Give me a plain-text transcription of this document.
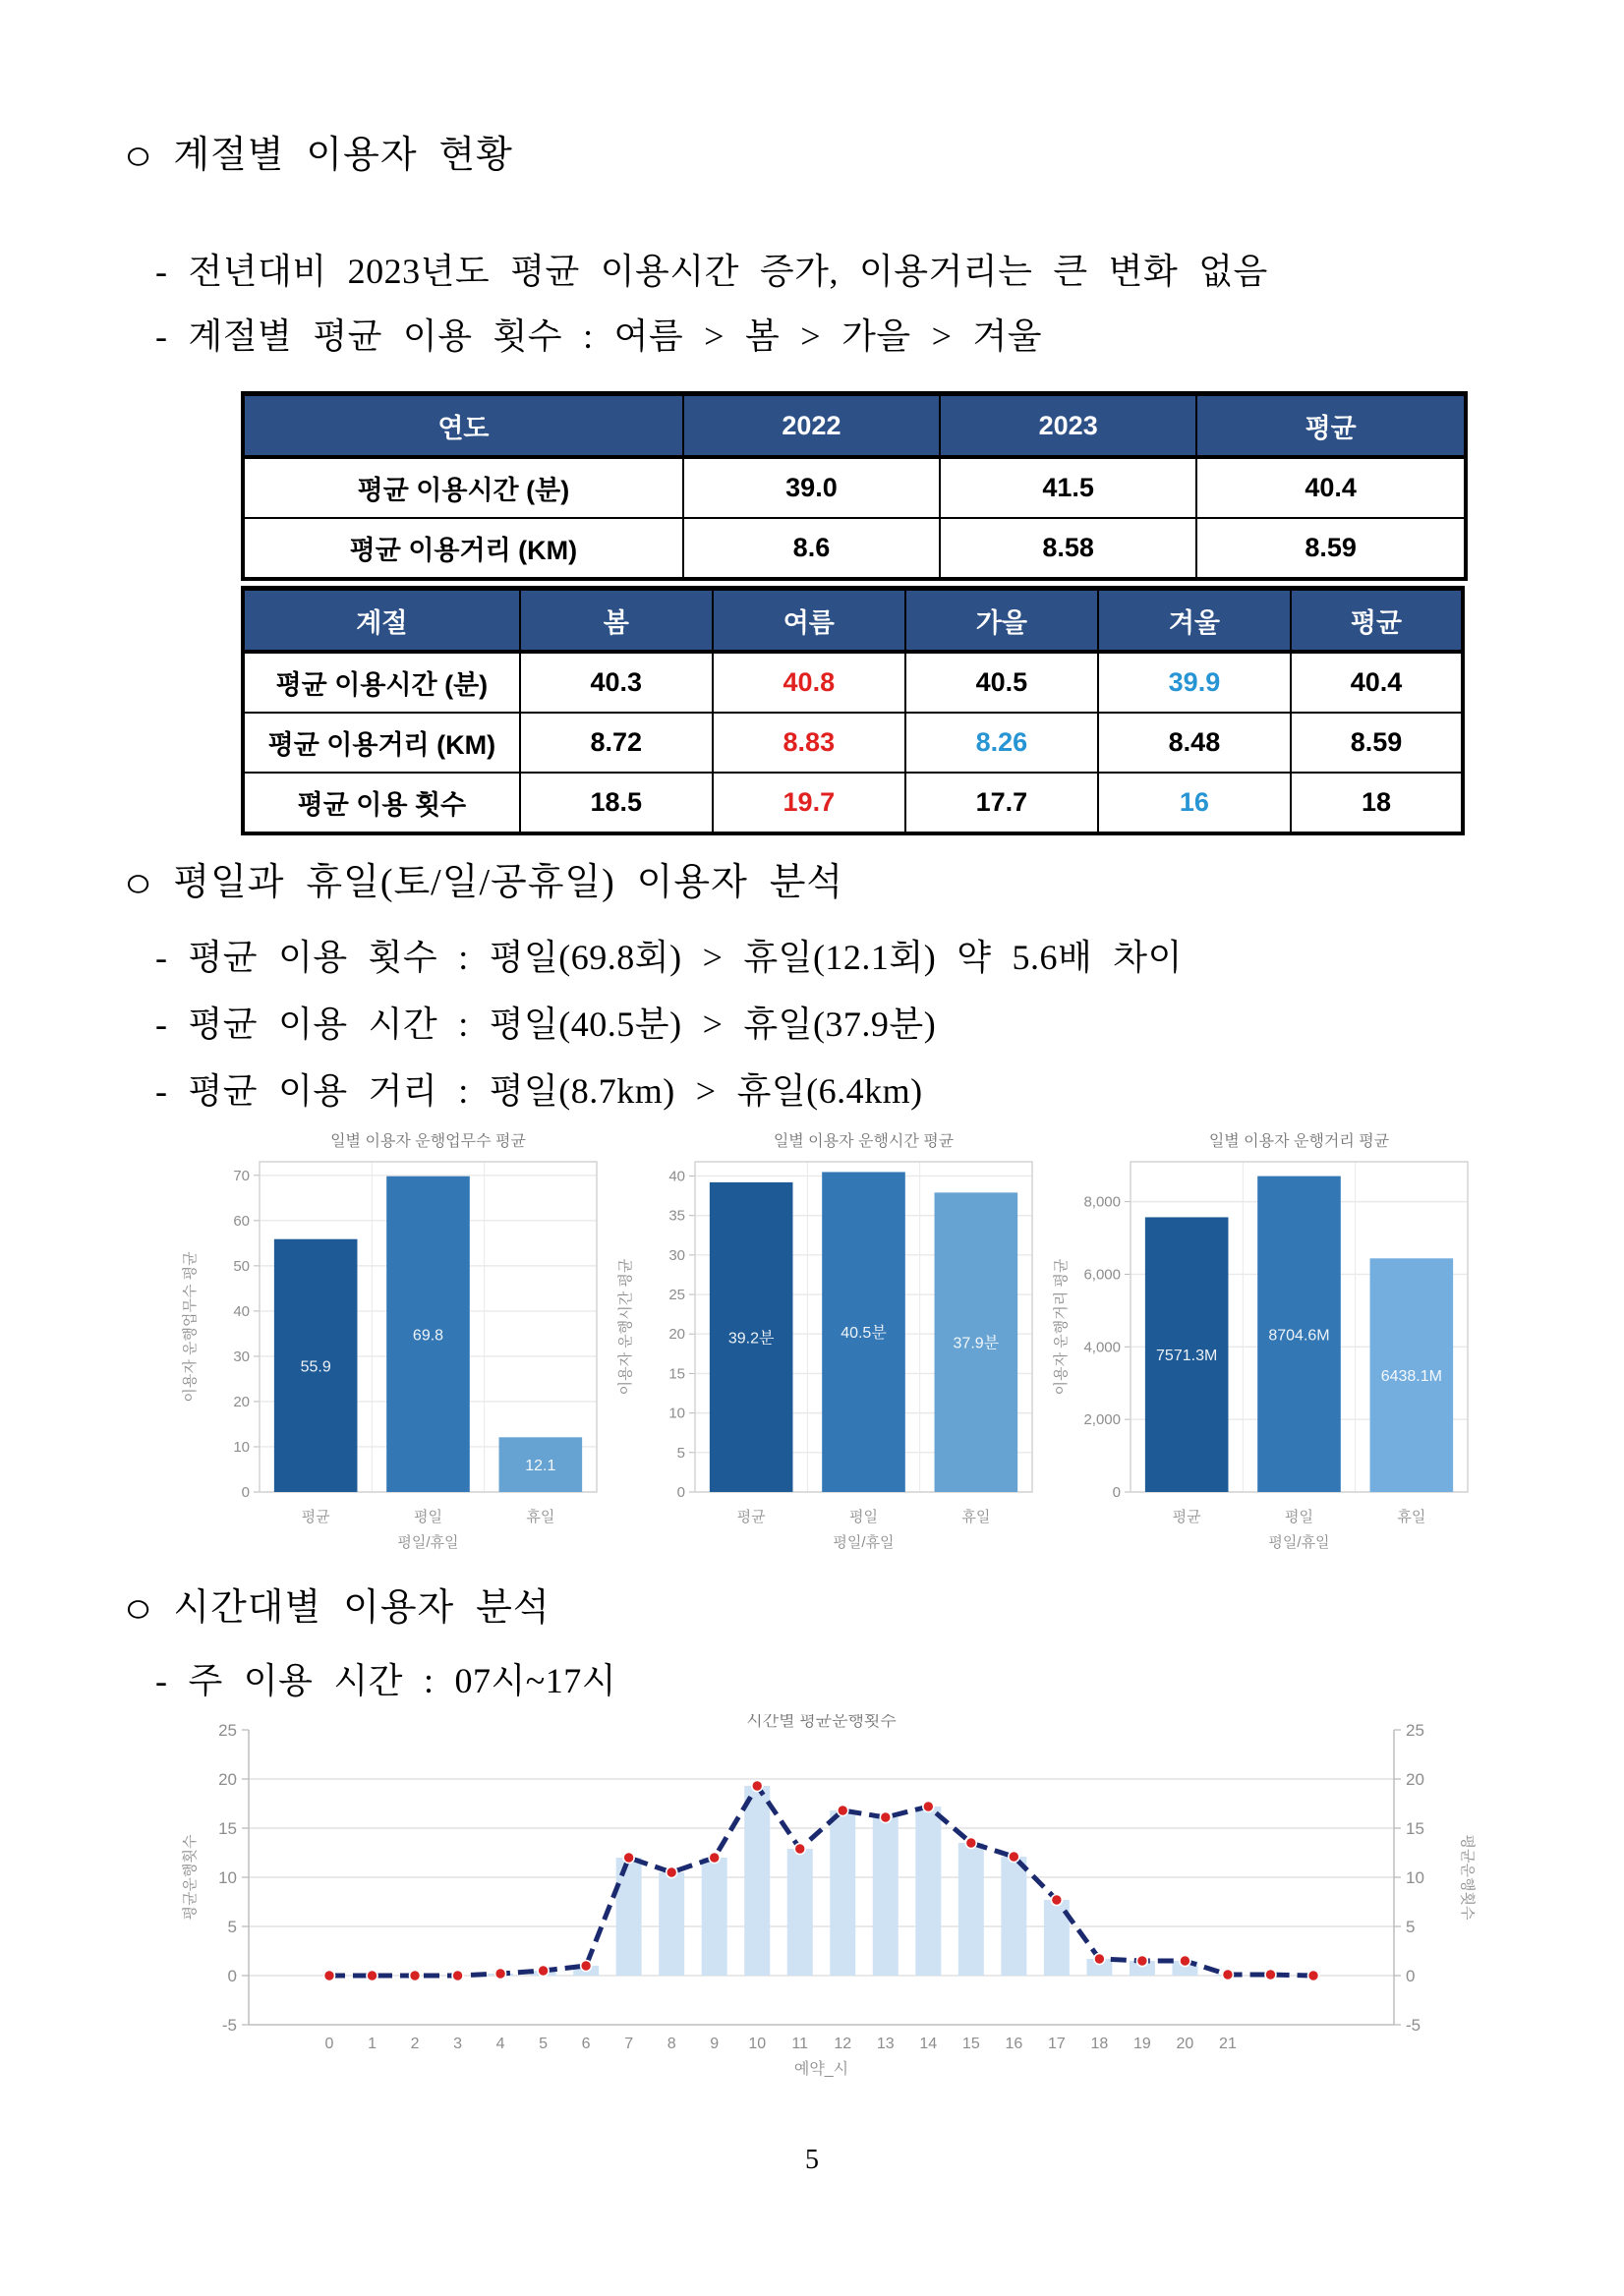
○ 계절별 이용자 현황
- 전년대비 2023년도 평균 이용시간 증가, 이용거리는 큰 변화 없음
- 계절별 평균 이용 횟수 : 여름 > 봄 > 가을 > 겨울
연도	2022	2023	평균
평균 이용시간 (분)	39.0	41.5	40.4
평균 이용거리 (KM)	8.6	8.58	8.59
계절	봄	여름	가을	겨울	평균
평균 이용시간 (분)	40.3	40.8	40.5	39.9	40.4
평균 이용거리 (KM)	8.72	8.83	8.26	8.48	8.59
평균 이용 횟수	18.5	19.7	17.7	16	18
○ 평일과 휴일(토/일/공휴일) 이용자 분석
- 평균 이용 횟수 : 평일(69.8회) > 휴일(12.1회) 약 5.6배 차이
- 평균 이용 시간 : 평일(40.5분) > 휴일(37.9분)
- 평균 이용 거리 : 평일(8.7km) > 휴일(6.4km)
일별 이용자 운행업무수 평균
0
10
20
30
40
50
60
70
55.9
평균
69.8
평일
12.1
휴일
평일/휴일
이용자 운행업무수 평균
일별 이용자 운행시간 평균
0
5
10
15
20
25
30
35
40
39.2분
평균
40.5분
평일
37.9분
휴일
평일/휴일
이용자 운행시간 평균
일별 이용자 운행거리 평균
0
2,000
4,000
6,000
8,000
7571.3M
평균
8704.6M
평일
6438.1M
휴일
평일/휴일
이용자 운행거리 평균
○ 시간대별 이용자 분석
- 주 이용 시간 : 07시~17시
시간별 평균운행횟수
-5	-5
0	0
5	5
10	10
15	15
20	20
25	25
0 1 2 3 4 5 6 7 8 9 10 11 12 13 14 15 16 17 18 19 20 21
예약_시
평균운행횟수	평균운행횟수
5
